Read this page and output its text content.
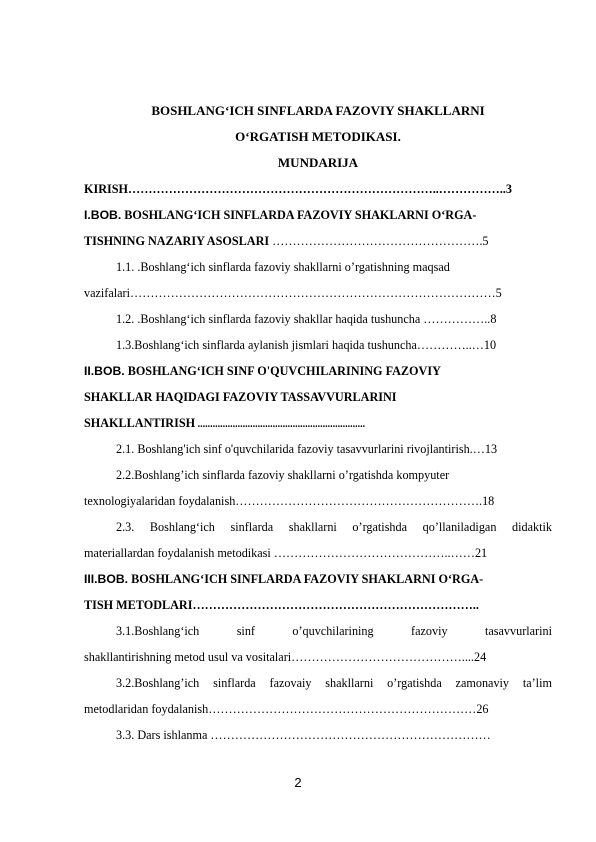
BOSHLANG‘ICH SINFLARDA FAZOVIY SHAKLLARNI
O‘RGATISH METODIKASI.
MUNDARIJA
KIRISH…………………………………………………………………..……………..3
I.BOB. BOSHLANG‘ICH SINFLARDA FAZOVIY SHAKLARNI O‘RGA-
TISHNING NAZARIY ASOSLARI …………………………………………….5
1.1. .Boshlang‘ich sinflarda fazoviy shakllarni o’rgatishning maqsad
vazifalari………………………………………………………………………………5
1.2. .Boshlang‘ich sinflarda fazoviy shakllar haqida tushuncha ……………..8
1.3.Boshlang‘ich sinflarda aylanish jismlari haqida tushuncha…………..…10
II.BOB. BOSHLANG‘ICH SINF O'QUVCHILARINING FAZOVIY
SHAKLLAR HAQIDAGI FAZOVIY TASSAVVURLARINI
SHAKLLANTIRISH ...................................................................
2.1. Boshlang'ich sinf o'quvchilarida fazoviy tasavvurlarini rivojlantirish.…13
2.2.Boshlang’ich sinflarda fazoviy shakllarni o’rgatishda kompyuter
texnologiyalaridan foydalanish…………………………………………………….18
2.3. Boshlang‘ich sinflarda shakllarni o’rgatishda qo’llaniladigan didaktik
materiallardan foydalanish metodikasi ……………………………………..……21
III.BOB. BOSHLANG‘ICH SINFLARDA FAZOVIY SHAKLARNI O‘RGA-
TISH METODLARI……………………………………………………………..
3.1.Boshlang‘ich	sinf	o’quvchilarining	fazoviy	tasavvurlarini
shakllantirishning metod usul va vositalari……………………………………....24
3.2.Boshlang’ich sinflarda fazovaiy shakllarni o’rgatishda zamonaviy ta’lim
metodlaridan foydalanish…………………………………………………………26
3.3. Dars ishlanma ……………………………………………………………
2
